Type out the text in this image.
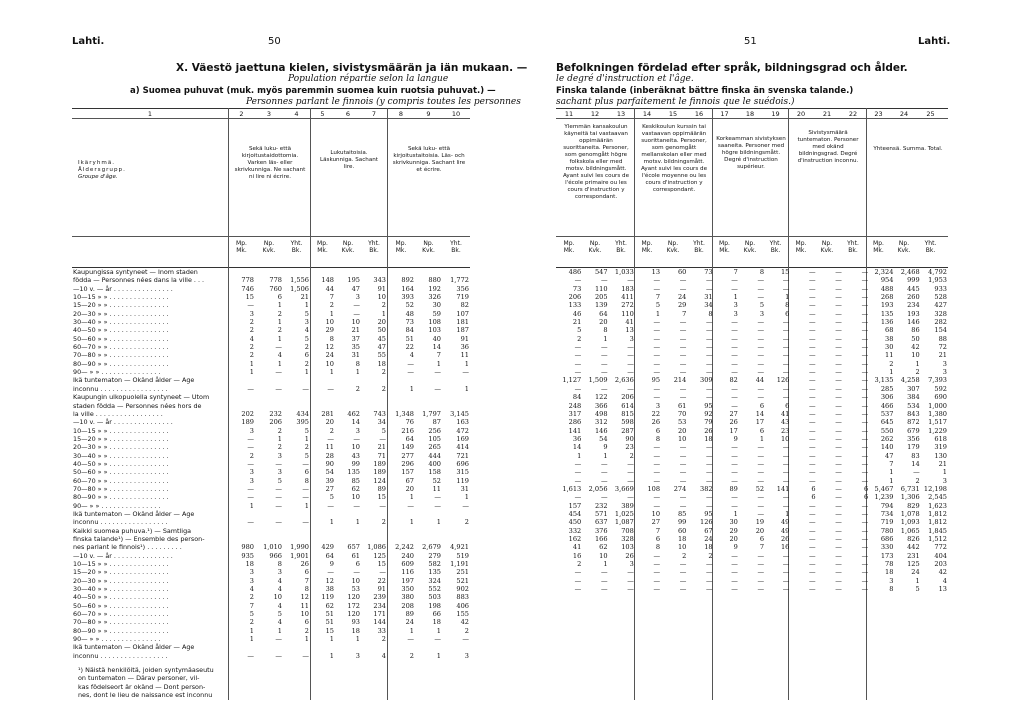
Lahti.	50	51	Lahti.
X. Väestö jaettuna kielen, sivistysmäärän ja iän mukaan. —
Population répartie selon la langue
a) Suomea puhuvat (muk. myös paremmin suomea kuin ruotsia puhuvat.) —
Personnes parlant le finnois (y compris toutes les personnes
Befolkningen fördelad efter språk, bildningsgrad och ålder.
le degré d'instruction et l'âge.
Finska talande (inberäknat bättre finska än svenska talande.)
sachant plus parfaitement le finnois que le suédois.)
1	2	3	4	5	6	7	8	9	10
Ikäryhmä.
Åldersgrupp.
Groupe d'âge.
Sekä luku- että kirjoitustaidottomia. Varken läs- eller skrivkunniga. Ne sachant ni lire ni écrire.
Lukutaitoisia. Läskunniga. Sachant lire.
Sekä luku- että kirjoitustaitoisia. Läs- och skrivkunniga. Sachant lire et écrire.
Mp.
Mk.
Np.
Kvk.
Yht.
Bk.
Mp.
Mk.
Np.
Kvk.
Yht.
Bk.
Mp.
Mk.
Np.
Kvk.
Yht.
Bk.
Kaupungissa syntyneet — Inom staden									
födda — Personnes nées dans la ville . . .	778	778	1,556	148	195	343	892	880	1,772
—10 v. — år . . . . . . . . . . . . . . .	746	760	1,506	44	47	91	164	192	356
10—15 » » . . . . . . . . . . . . . . .	15	6	21	7	3	10	393	326	719
15—20 » » . . . . . . . . . . . . . . .	—	1	1	2	—	2	52	30	82
20—30 » » . . . . . . . . . . . . . . .	3	2	5	1	—	1	48	59	107
30—40 » » . . . . . . . . . . . . . . .	2	1	3	10	10	20	73	108	181
40—50 » » . . . . . . . . . . . . . . .	2	2	4	29	21	50	84	103	187
50—60 » » . . . . . . . . . . . . . . .	4	1	5	8	37	45	51	40	91
60—70 » » . . . . . . . . . . . . . . .	2	—	2	12	35	47	22	14	36
70—80 » » . . . . . . . . . . . . . . .	2	4	6	24	31	55	4	7	11
80—90 » » . . . . . . . . . . . . . . .	1	1	2	10	8	18	—	1	1
90— » » . . . . . . . . . . . . . . .	1	—	1	1	1	2	—	—	—
Ikä tuntematon — Okänd ålder — Age									
inconnu . . . . . . . . . . . . . . . . .	—	—	—	—	2	2	1	—	1
Kaupungin ulkopuolella syntyneet — Utom									
staden födda — Personnes nées hors de									
la ville . . . . . . . . . . . . . . . . .	202	232	434	281	462	743	1,348	1,797	3,145
—10 v. — år . . . . . . . . . . . . . . .	189	206	395	20	14	34	76	87	163
10—15 » » . . . . . . . . . . . . . . .	3	2	5	2	3	5	216	256	472
15—20 » » . . . . . . . . . . . . . . .	—	1	1	—	—	—	64	105	169
20—30 » » . . . . . . . . . . . . . . .	—	2	2	11	10	21	149	265	414
30—40 » » . . . . . . . . . . . . . . .	2	3	5	28	43	71	277	444	721
40—50 » » . . . . . . . . . . . . . . .	—	—	—	90	99	189	296	400	696
50—60 » » . . . . . . . . . . . . . . .	3	3	6	54	135	189	157	158	315
60—70 » » . . . . . . . . . . . . . . .	3	5	8	39	85	124	67	52	119
70—80 » » . . . . . . . . . . . . . . .	—	—	—	27	62	89	20	11	31
80—90 » » . . . . . . . . . . . . . . .	—	—	—	5	10	15	1	—	1
90— » » . . . . . . . . . . . . . . .	1	—	1	—	—	—	—	—	—
Ikä tuntematon — Okänd ålder — Age									
inconnu . . . . . . . . . . . . . . . . .	—	—	—	1	1	2	1	1	2
Kaikki suomea puhuva.¹) — Samtliga									
finska talande¹) — Ensemble des person-									
nes parlant le finnois¹) . . . . . . . . .	980	1,010	1,990	429	657	1,086	2,242	2,679	4,921
—10 v. — år . . . . . . . . . . . . . . .	935	966	1,901	64	61	125	240	279	519
10—15 » » . . . . . . . . . . . . . . .	18	8	26	9	6	15	609	582	1,191
15—20 » » . . . . . . . . . . . . . . .	3	3	6	—	—	—	116	135	251
20—30 » » . . . . . . . . . . . . . . .	3	4	7	12	10	22	197	324	521
30—40 » » . . . . . . . . . . . . . . .	4	4	8	38	53	91	350	552	902
40—50 » » . . . . . . . . . . . . . . .	2	10	12	119	120	239	380	503	883
50—60 » » . . . . . . . . . . . . . . .	7	4	11	62	172	234	208	198	406
60—70 » » . . . . . . . . . . . . . . .	5	5	10	51	120	171	89	66	155
70—80 » » . . . . . . . . . . . . . . .	2	4	6	51	93	144	24	18	42
80—90 » » . . . . . . . . . . . . . . .	1	1	2	15	18	33	1	1	2
90— » » . . . . . . . . . . . . . . .	1	—	1	1	1	2	—	—	—
Ikä tuntematon — Okänd ålder — Age									
inconnu . . . . . . . . . . . . . . . . .	—	—	—	1	3	4	2	1	3
¹) Näistä henkilöitä, joiden syntymäaseutu
on tuntematon — Därav personer, vil-
kas födelseort är okänd — Dont person-
nes, dont le lieu de naissance est inconnu
11	12	13	14	15	16	17	18	19	20	21	22	23	24	25
Ylemmän kansakoulun käyneitä tai vastaavan oppimäärän suorittaneita. Personer, som genomgått högre folkskola eller med motsv. bildningsmått. Ayant suivi les cours de l'école primaire ou les cours d'instruction y correspondant.
Keskikoulun kurssin tai vastaavan oppimäärän suorittaneita. Personer, som genomgått mellanskolan eller med motsv. bildningsmått. Ayant suivi les cours de l'école moyenne ou les cours d'instruction y correspondant.
Korkeamman sivistyksen saaneita. Personer med högre bildningsmått. Degré d'instruction supérieur.
Sivistysmäärä tuntematon. Personer med okänd bildningsgrad. Degré d'instruction inconnu.
Yhteensä. Summa. Total.
Mp.
Mk.
Np.
Kvk.
Yht.
Bk.
Mp.
Mk.
Np.
Kvk.
Yht.
Bk.
Mp.
Mk.
Np.
Kvk.
Yht.
Bk.
Mp.
Mk.
Np.
Kvk.
Yht.
Bk.
Mp.
Mk.
Np.
Kvk.
Yht.
Bk.

486	547	1,033	13	60	73	7	8	15	—	—	—	2,324	2,468	4,792
—	—	—	—	—	—	—	—	—	—	—	—	954	999	1,953
73	110	183	—	—	—	—	—	—	—	—	—	488	445	933
206	205	411	7	24	31	1	—	1	—	—	—	268	260	528
133	139	272	5	29	34	3	5	8	—	—	—	193	234	427
46	64	110	1	7	8	3	3	6	—	—	—	135	193	328
21	20	41	—	—	—	—	—	—	—	—	—	136	146	282
5	8	13	—	—	—	—	—	—	—	—	—	68	86	154
2	1	3	—	—	—	—	—	—	—	—	—	38	50	88
—	—	—	—	—	—	—	—	—	—	—	—	30	42	72
—	—	—	—	—	—	—	—	—	—	—	—	11	10	21
—	—	—	—	—	—	—	—	—	—	—	—	2	1	3

—	—	—	—	—	—	—	—	—	—	—	—	1	2	3

1,127	1,509	2,636	95	214	309	82	44	126	—	—	—	3,135	4,258	7,393
—	—	—	—	—	—	—	—	—	—	—	—	285	307	592
84	122	206	—	—	—	—	—	—	—	—	—	306	384	690
248	366	614	3	61	95	—	6	6	—	—	—	466	534	1,000
317	498	815	22	70	92	27	14	41	—	—	—	537	843	1,380
286	312	598	26	53	79	26	17	43	—	—	—	645	872	1,517
141	146	287	6	20	26	17	6	23	—	—	—	550	679	1,229
36	54	90	8	10	18	9	1	10	—	—	—	262	356	618
14	9	23	—	—	—	—	—	—	—	—	—	140	179	319
1	1	2	—	—	—	—	—	—	—	—	—	47	83	130
—	—	—	—	—	—	—	—	—	—	—	—	7	14	21
—	—	—	—	—	—	—	—	—	—	—	—	1	—	1

—	—	—	—	—	—	—	—	—	—	—	—	1	2	3

1,613	2,056	3,669	108	274	382	89	52	141	6	—	6	5,467	6,731	12,198
—	—	—	—	—	—	—	—	—	6	—	6	1,239	1,306	2,545
157	232	389	—	—	—	—	—	—	—	—	—	794	829	1,623
454	571	1,025	10	85	95	1	—	1	—	—	—	734	1,078	1,812
450	637	1,087	27	99	126	30	19	49	—	—	—	719	1,093	1,812
332	376	708	7	60	67	29	20	49	—	—	—	780	1,065	1,845
162	166	328	6	18	24	20	6	26	—	—	—	686	826	1,512
41	62	103	8	10	18	9	7	16	—	—	—	330	442	772
16	10	26	—	2	2	—	—	—	—	—	—	173	231	404
2	1	3	—	—	—	—	—	—	—	—	—	78	125	203
—	—	—	—	—	—	—	—	—	—	—	—	18	24	42
—	—	—	—	—	—	—	—	—	—	—	—	3	1	4

—	—	—	—	—	—	—	—	—	—	—	—	8	5	13
